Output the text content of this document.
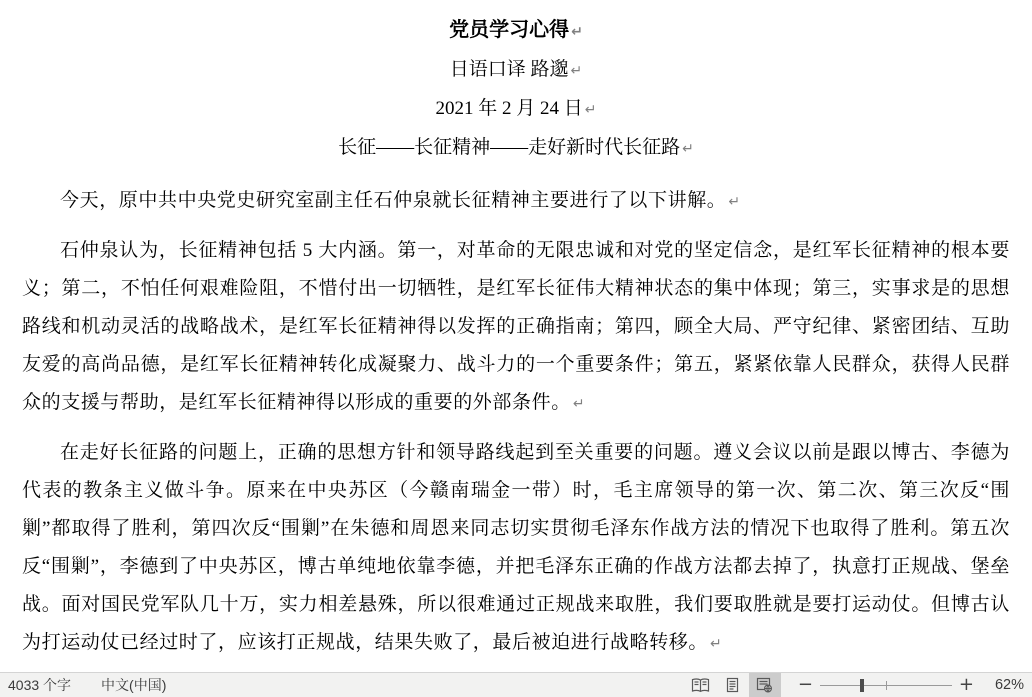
党员学习心得 ↵
日语口译 路邈 ↵
2021 年 2 月 24 日 ↵
长征——长征精神——走好新时代长征路 ↵

今天，原中共中央党史研究室副主任石仲泉就长征精神主要进行了以下讲解。 ↵

石仲泉认为，长征精神包括 5 大内涵。第一，对革命的无限忠诚和对党的坚定信念，是红军长征精神的根本要义；第二，不怕任何艰难险阻，不惜付出一切牺牲，是红军长征伟大精神状态的集中体现；第三，实事求是的思想路线和机动灵活的战略战术，是红军长征精神得以发挥的正确指南；第四，顾全大局、严守纪律、紧密团结、互助友爱的高尚品德，是红军长征精神转化成凝聚力、战斗力的一个重要条件；第五，紧紧依靠人民群众，获得人民群众的支援与帮助，是红军长征精神得以形成的重要的外部条件。 ↵

在走好长征路的问题上，正确的思想方针和领导路线起到至关重要的问题。遵义会议以前是跟以博古、李德为代表的教条主义做斗争。原来在中央苏区（今赣南瑞金一带）时，毛主席领导的第一次、第二次、第三次反“围剿”都取得了胜利，第四次反“围剿”在朱德和周恩来同志切实贯彻毛泽东作战方法的情况下也取得了胜利。第五次反“围剿”，李德到了中央苏区，博古单纯地依靠李德，并把毛泽东正确的作战方法都去掉了，执意打正规战、堡垒战。面对国民党军队几十万，实力相差悬殊，所以很难通过正规战来取胜，我们要取胜就是要打运动仗。但博古认为打运动仗已经过时了，应该打正规战，结果失败了，最后被迫进行战略转移。 ↵

4033 个字 中文(中国)	−	+	62%
